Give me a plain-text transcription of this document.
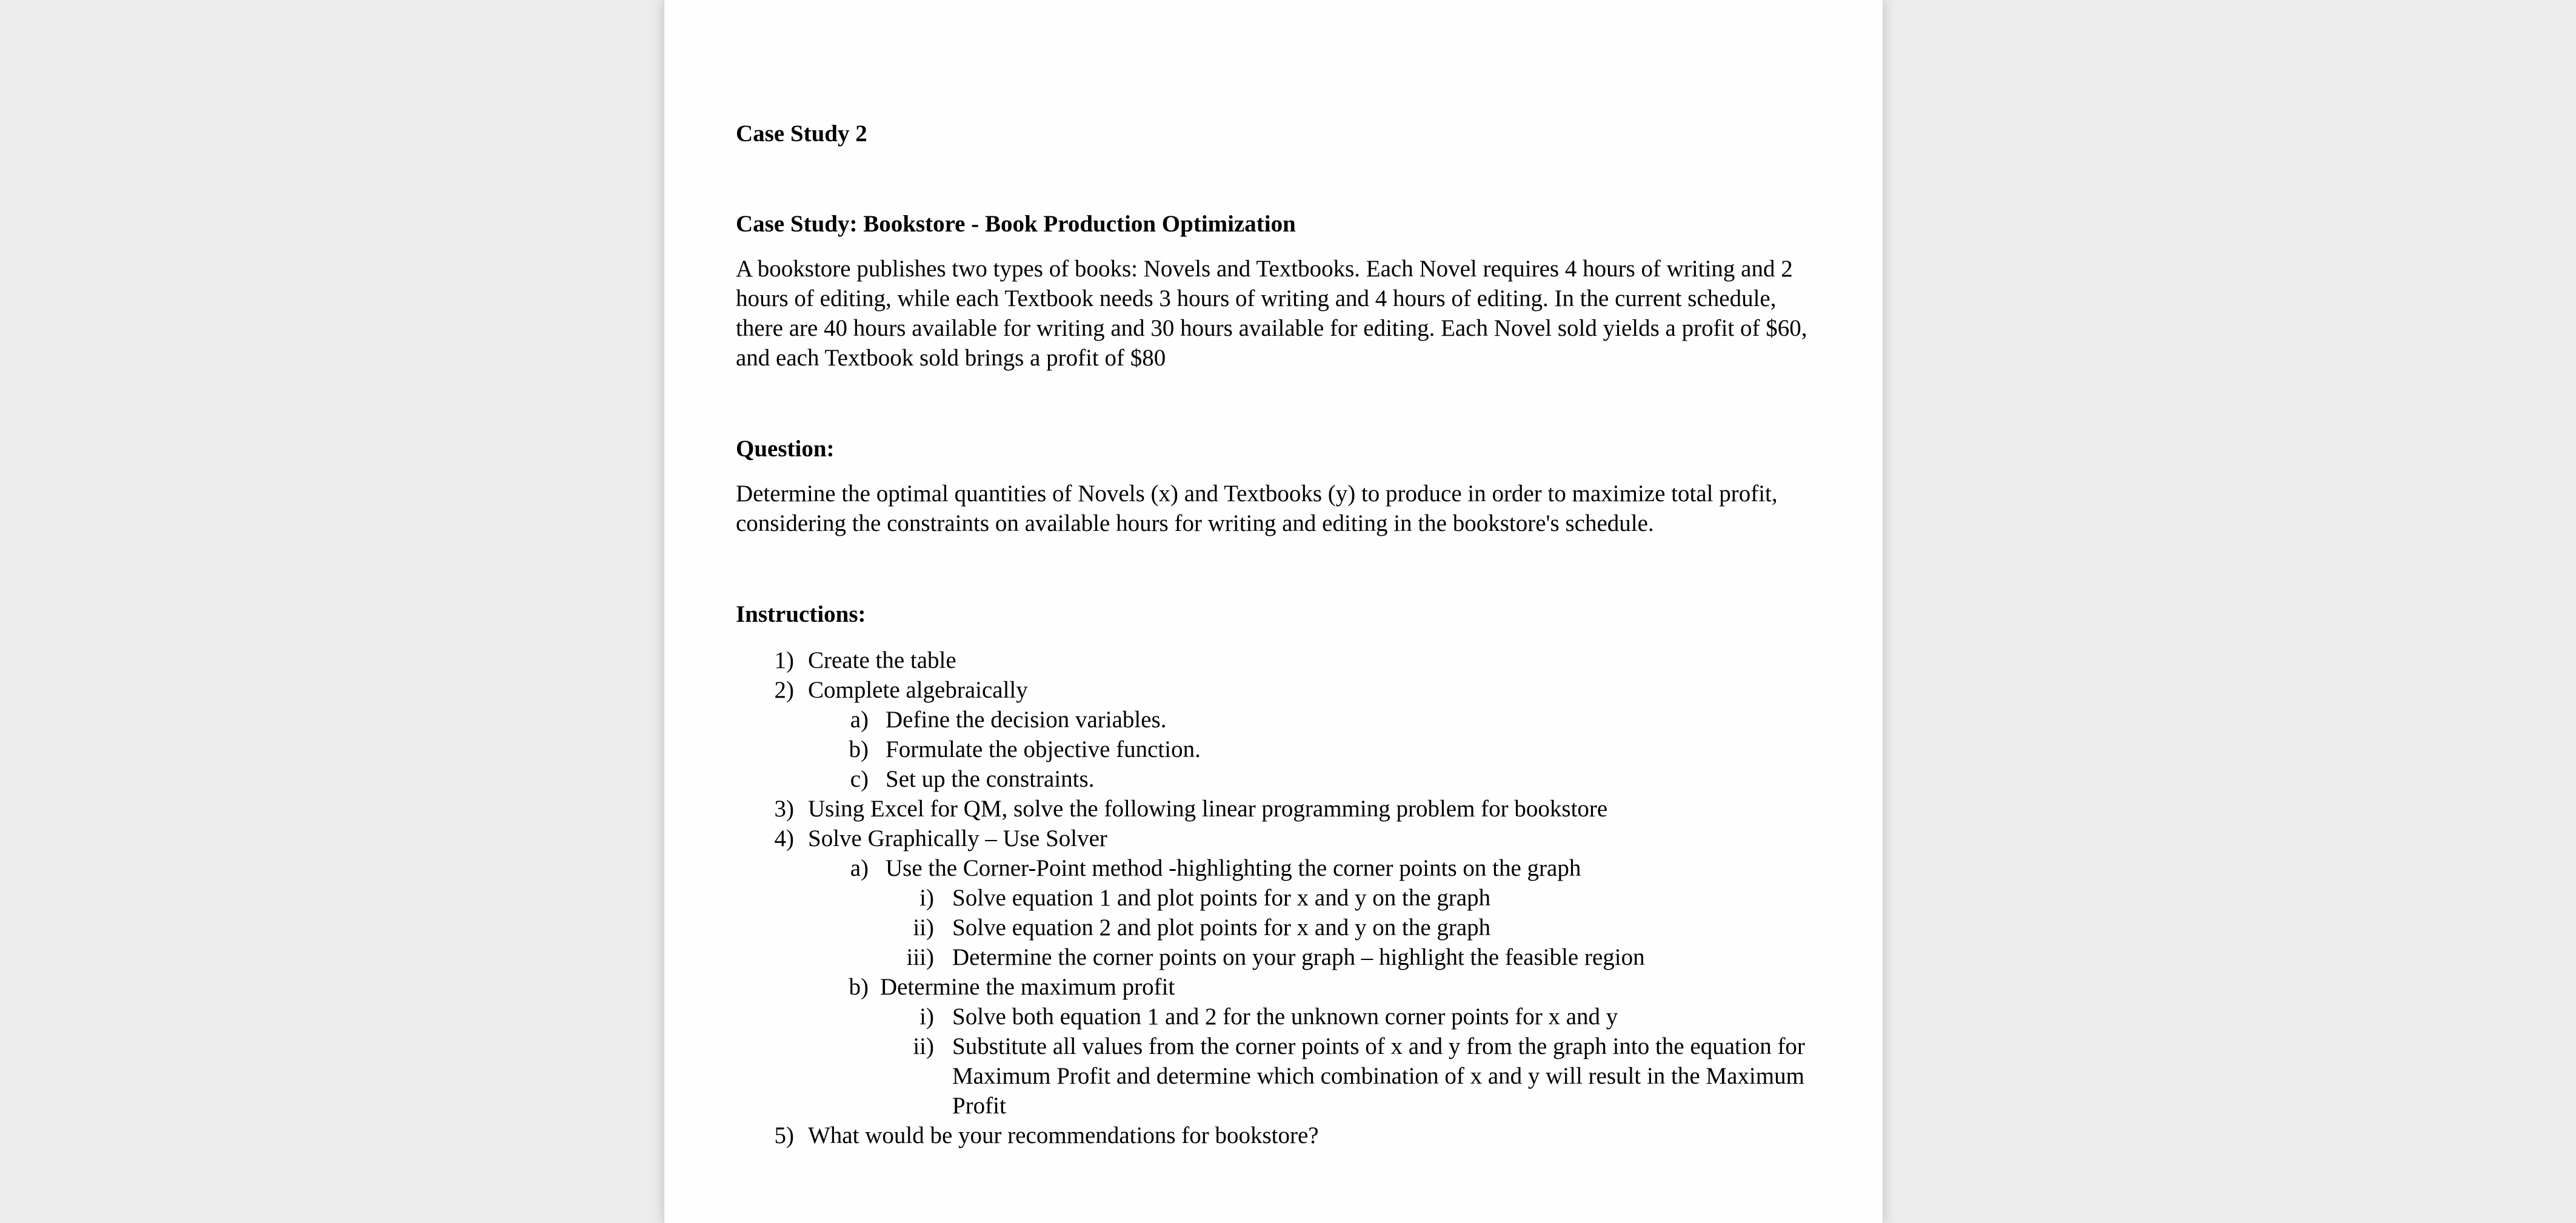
Case Study 2

Case Study: Bookstore - Book Production Optimization

A bookstore publishes two types of books: Novels and Textbooks. Each Novel requires 4 hours of writing and 2 hours of editing, while each Textbook needs 3 hours of writing and 4 hours of editing. In the current schedule, there are 40 hours available for writing and 30 hours available for editing. Each Novel sold yields a profit of $60, and each Textbook sold brings a profit of $80

Question:

Determine the optimal quantities of Novels (x) and Textbooks (y) to produce in order to maximize total profit, considering the constraints on available hours for writing and editing in the bookstore's schedule.

Instructions:

1) Create the table
2) Complete algebraically
a) Define the decision variables.
b) Formulate the objective function.
c) Set up the constraints.
3) Using Excel for QM, solve the following linear programming problem for bookstore
4) Solve Graphically – Use Solver
a) Use the Corner-Point method -highlighting the corner points on the graph
i) Solve equation 1 and plot points for x and y on the graph
ii) Solve equation 2 and plot points for x and y on the graph
iii) Determine the corner points on your graph – highlight the feasible region
b) Determine the maximum profit
i) Solve both equation 1 and 2 for the unknown corner points for x and y
ii) Substitute all values from the corner points of x and y from the graph into the equation for Maximum Profit and determine which combination of x and y will result in the Maximum Profit
5) What would be your recommendations for bookstore?
